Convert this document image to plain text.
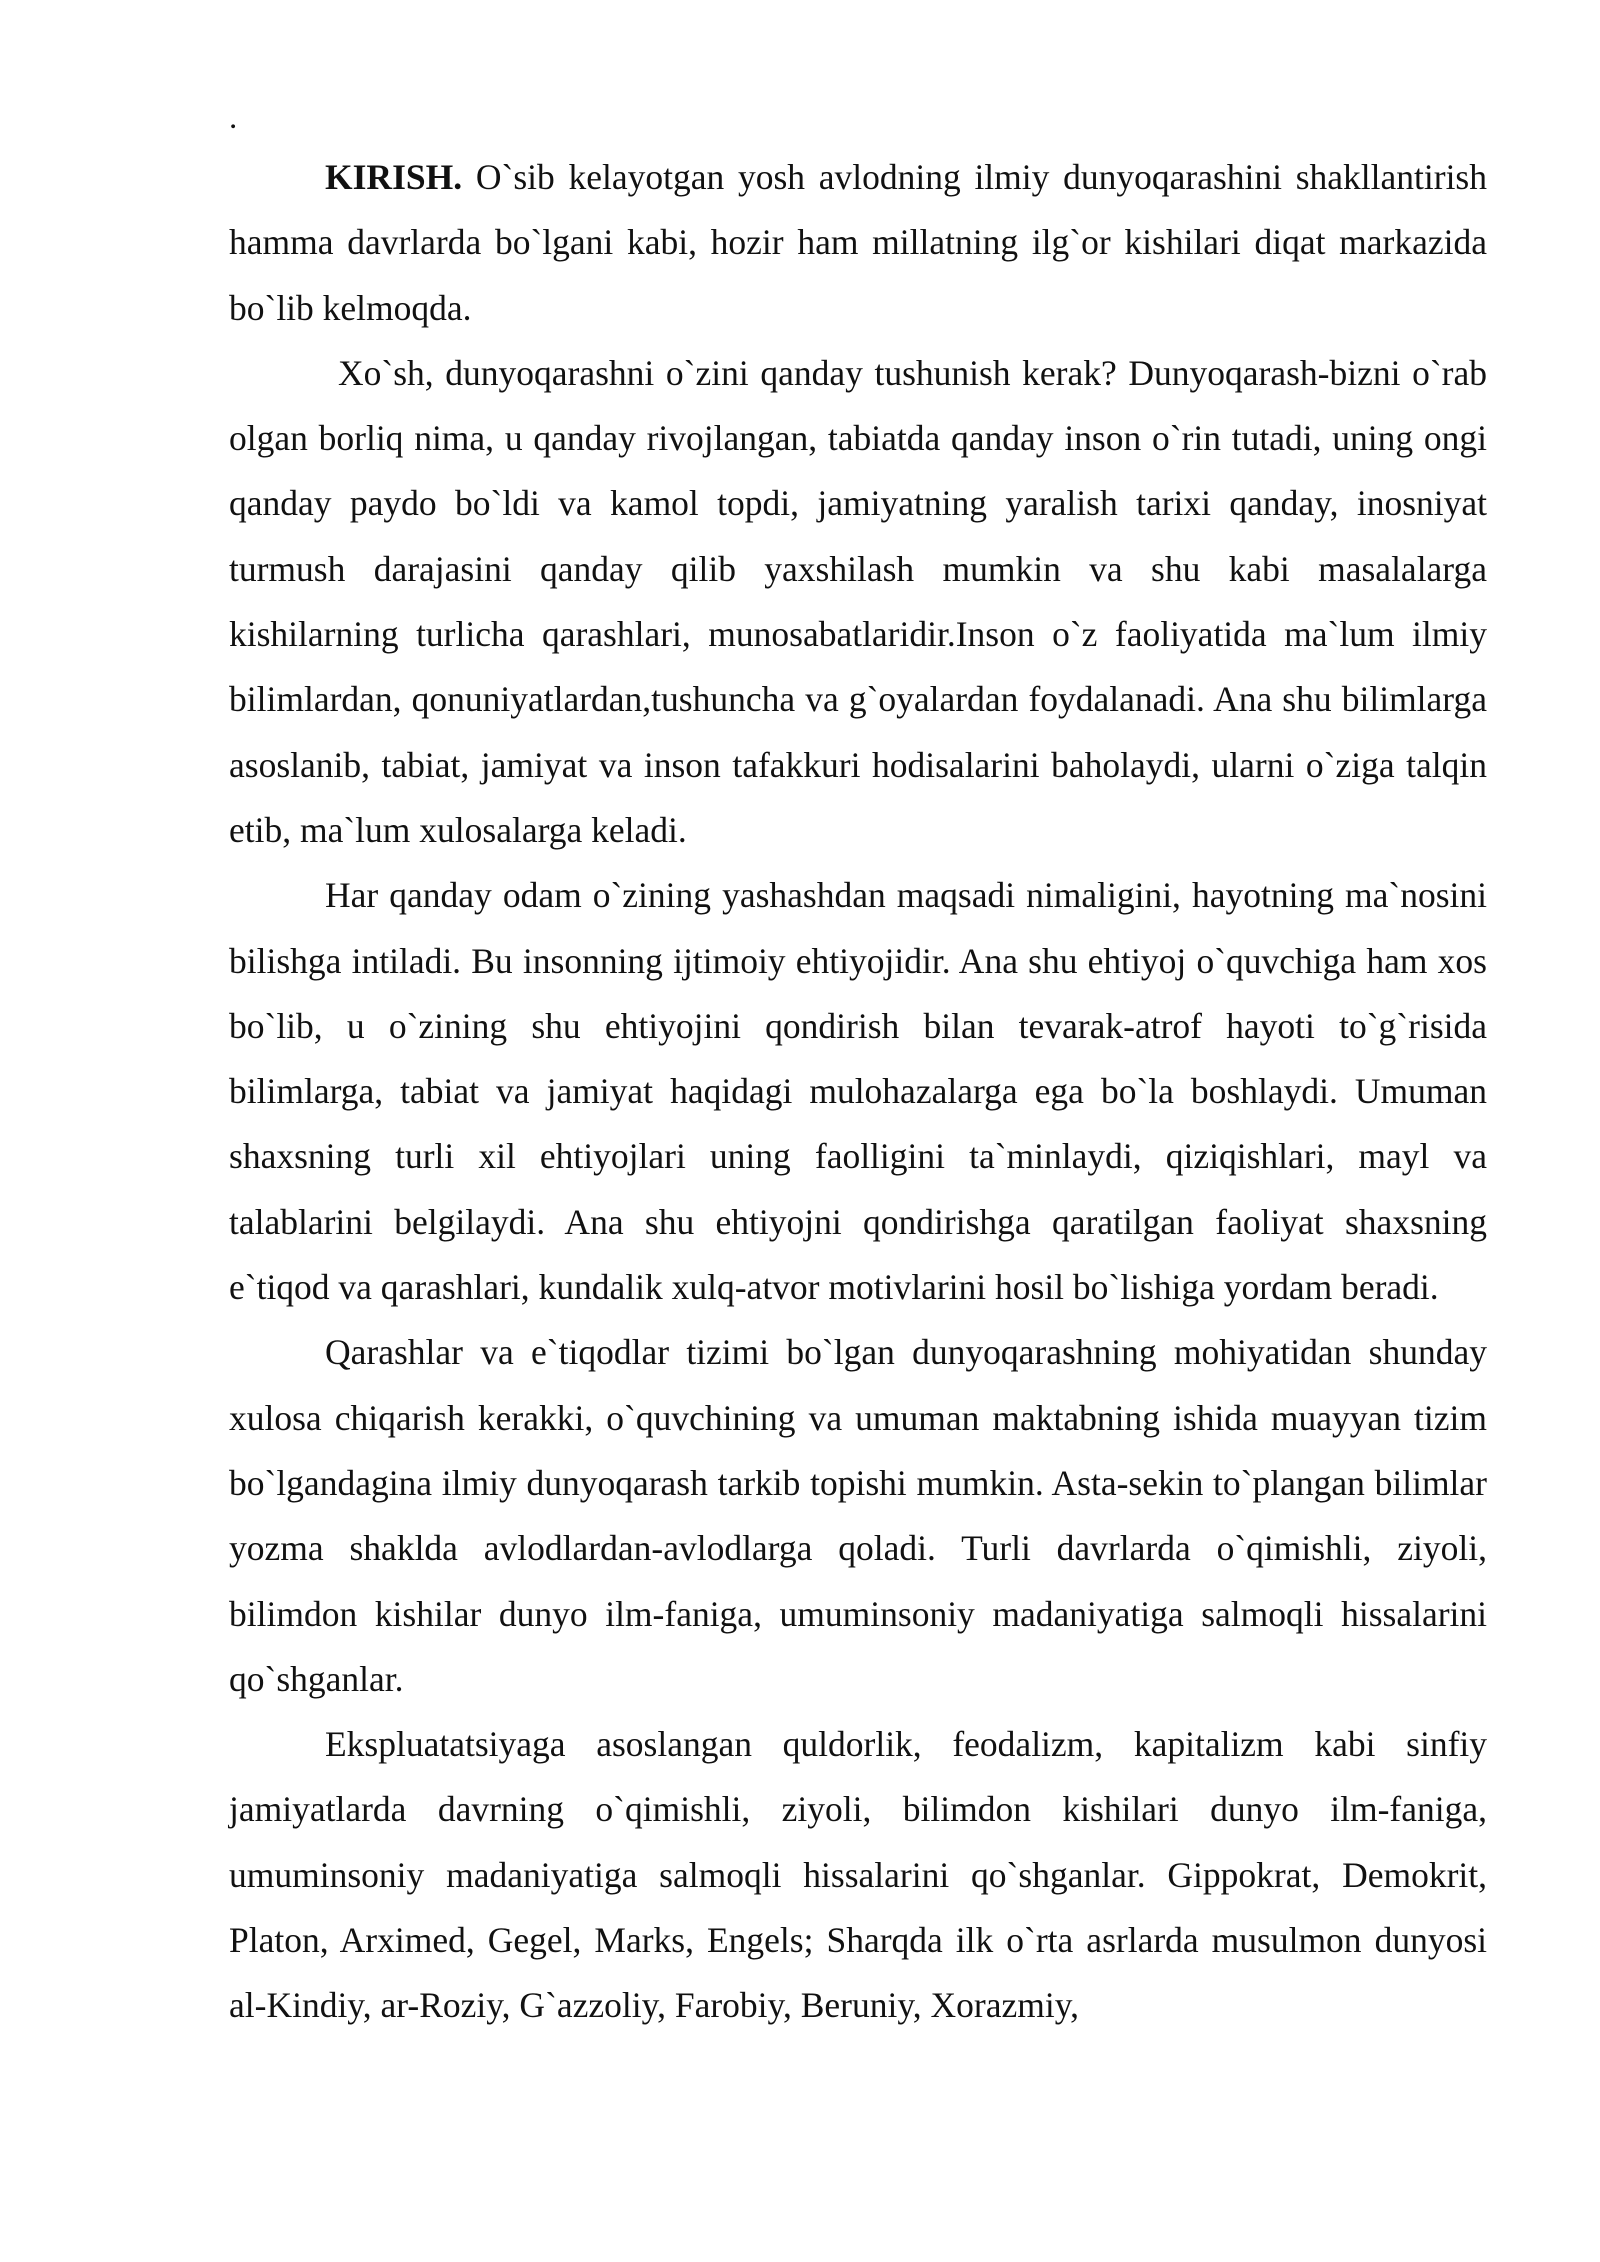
.

KIRISH. O`sib kelayotgan yosh avlodning ilmiy dunyoqarashini shakllantirish hamma davrlarda bo`lgani kabi, hozir ham millatning ilg`or kishilari diqat markazida bo`lib kelmoqda.

Xo`sh, dunyoqarashni o`zini qanday tushunish kerak? Dunyoqarash-bizni o`rab olgan borliq nima, u qanday rivojlangan, tabiatda qanday inson o`rin tutadi, uning ongi qanday paydo bo`ldi va kamol topdi, jamiyatning yaralish tarixi qanday, inosniyat turmush darajasini qanday qilib yaxshilash mumkin va shu kabi masalalarga kishilarning turlicha qarashlari, munosabatlaridir.Inson o`z faoliyatida ma`lum ilmiy bilimlardan, qonuniyatlardan,tushuncha va g`oyalardan foydalanadi. Ana shu bilimlarga asoslanib, tabiat, jamiyat va inson tafakkuri hodisalarini baholaydi, ularni o`ziga talqin etib, ma`lum xulosalarga keladi.

Har qanday odam o`zining yashashdan maqsadi nimaligini, hayotning ma`nosini bilishga intiladi. Bu insonning ijtimoiy ehtiyojidir. Ana shu ehtiyoj o`quvchiga ham xos bo`lib, u o`zining shu ehtiyojini qondirish bilan tevarak-atrof hayoti to`g`risida bilimlarga, tabiat va jamiyat haqidagi mulohazalarga ega bo`la boshlaydi. Umuman shaxsning turli xil ehtiyojlari uning faolligini ta`minlaydi, qiziqishlari, mayl va talablarini belgilaydi. Ana shu ehtiyojni qondirishga qaratilgan faoliyat shaxsning e`tiqod va qarashlari, kundalik xulq-atvor motivlarini hosil bo`lishiga yordam beradi.

Qarashlar va e`tiqodlar tizimi bo`lgan dunyoqarashning mohiyatidan shunday xulosa chiqarish kerakki, o`quvchining va umuman maktabning ishida muayyan tizim bo`lgandagina ilmiy dunyoqarash tarkib topishi mumkin. Asta-sekin to`plangan bilimlar yozma shaklda avlodlardan-avlodlarga qoladi. Turli davrlarda o`qimishli, ziyoli, bilimdon kishilar dunyo ilm-faniga, umuminsoniy madaniyatiga salmoqli hissalarini qo`shganlar.

Ekspluatatsiyaga asoslangan quldorlik, feodalizm, kapitalizm kabi sinfiy jamiyatlarda davrning o`qimishli, ziyoli, bilimdon kishilari dunyo ilm-faniga, umuminsoniy madaniyatiga salmoqli hissalarini qo`shganlar. Gippokrat, Demokrit, Platon, Arximed, Gegel, Marks, Engels; Sharqda ilk o`rta asrlarda musulmon dunyosi al-Kindiy, ar-Roziy, G`azzoliy, Farobiy, Beruniy, Xorazmiy,
